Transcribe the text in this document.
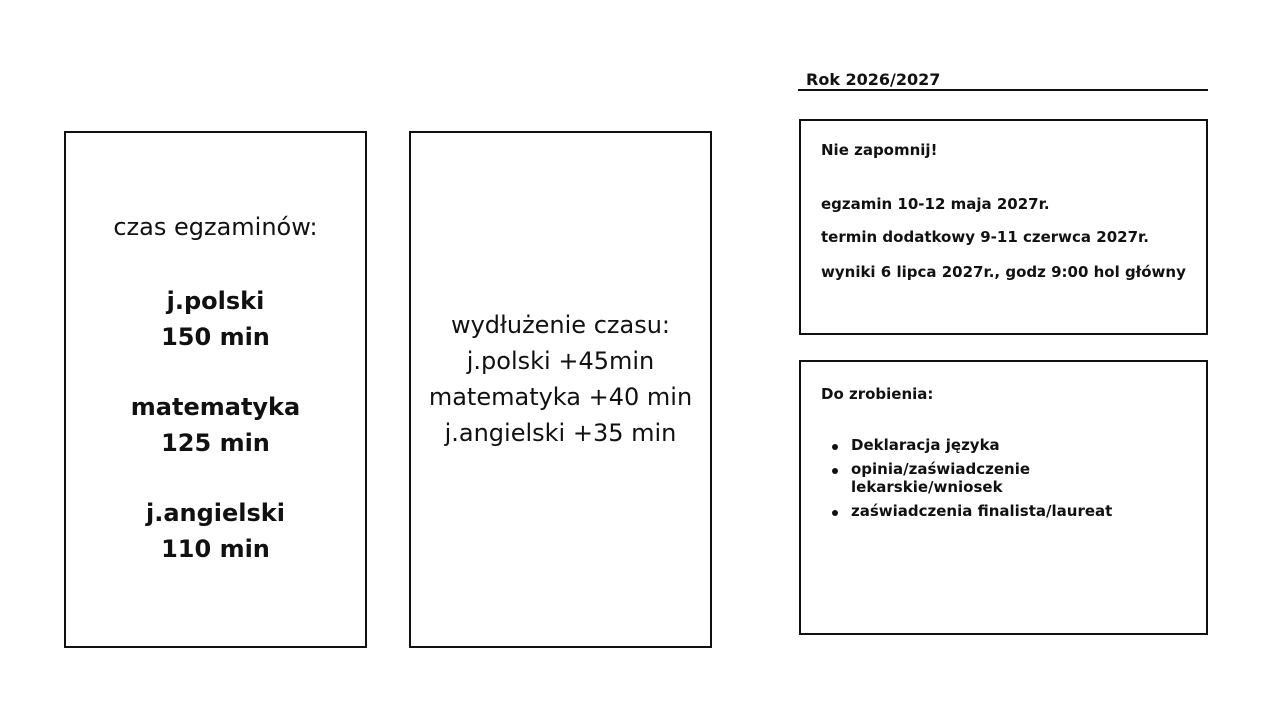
czas egzaminów:
j.polski
150 min
matematyka
125 min
j.angielski
110 min
wydłużenie czasu:
j.polski +45min
matematyka +40 min
j.angielski +35 min
Rok 2026/2027
Nie zapomnij!
egzamin 10-12 maja 2027r.
termin dodatkowy 9-11 czerwca 2027r.
wyniki 6 lipca 2027r., godz 9:00 hol główny
Do zrobienia:
Deklaracja języka
opinia/zaświadczenie
lekarskie/wniosek
zaświadczenia finalista/laureat
